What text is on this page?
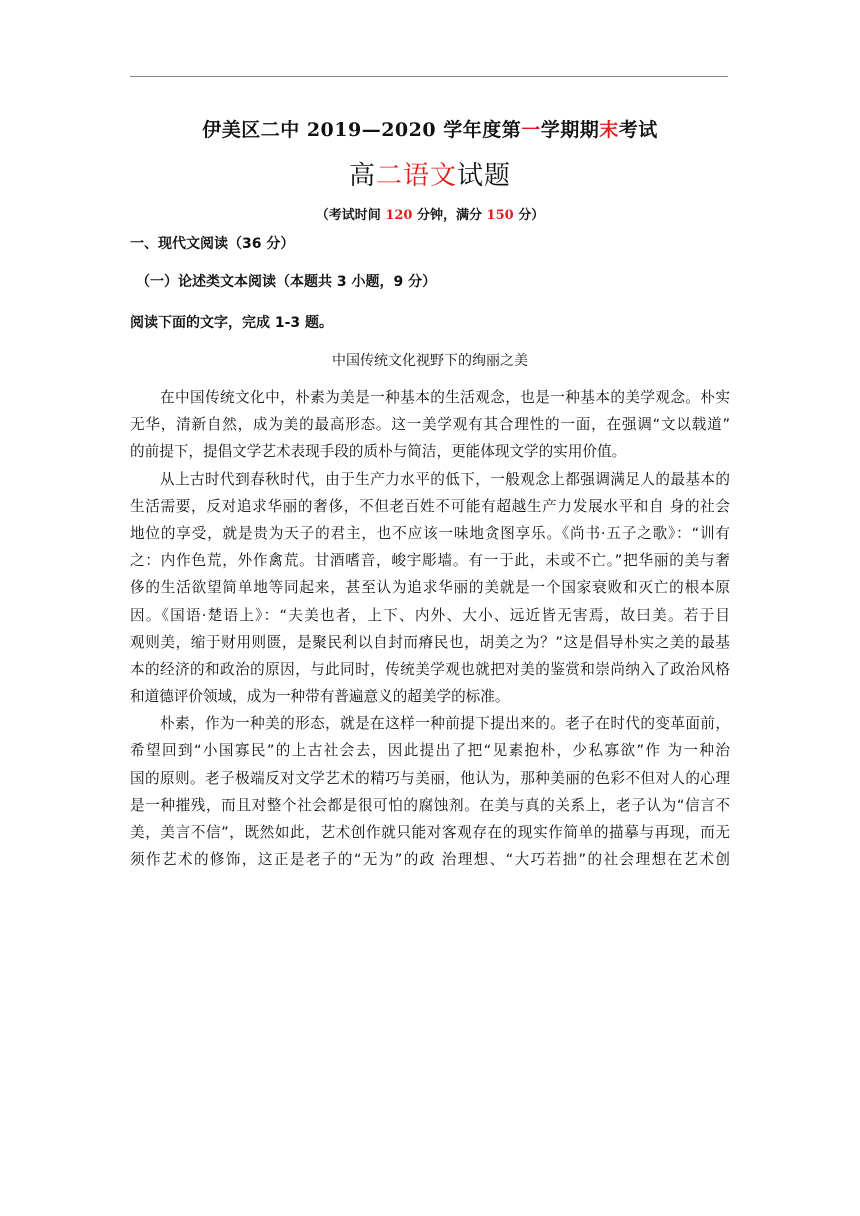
伊美区二中 2019—2020 学年度第一学期期末考试
高二语文试题
（考试时间 120 分钟，满分 150 分）
一、现代文阅读（36 分）
（一）论述类文本阅读（本题共 3 小题，9 分）
阅读下面的文字，完成 1-3 题。
中国传统文化视野下的绚丽之美
　　在中国传统文化中，朴素为美是一种基本的生活观念，也是一种基本的美学观念。朴实
无华，清新自然，成为美的最高形态。这一美学观有其合理性的一面，在强调“文以载道”
的前提下，提倡文学艺术表现手段的质朴与简洁，更能体现文学的实用价值。
　　从上古时代到春秋时代，由于生产力水平的低下，一般观念上都强调满足人的最基本的
生活需要，反对追求华丽的奢侈，不但老百姓不可能有超越生产力发展水平和自 身的社会
地位的享受，就是贵为天子的君主，也不应该一味地贪图享乐。《尚书·五子之歌》：“训有
之：内作色荒，外作禽荒。甘酒嗜音，峻宇彫墙。有一于此，未或不亡。”把华丽的美与奢
侈的生活欲望简单地等同起来，甚至认为追求华丽的美就是一个国家衰败和灭亡的根本原
因。《国语·楚语上》：“夫美也者，上下、内外、大小、远近皆无害焉，故曰美。若于目
观则美，缩于财用则匮，是聚民利以自封而瘠民也，胡美之为？”这是倡导朴实之美的最基
本的经济的和政治的原因，与此同时，传统美学观也就把对美的鉴赏和崇尚纳入了政治风格
和道德评价领域，成为一种带有普遍意义的超美学的标准。
　　朴素，作为一种美的形态，就是在这样一种前提下提出来的。老子在时代的变革面前，
希望回到“小国寡民”的上古社会去，因此提出了把“见素抱朴，少私寡欲”作 为一种治
国的原则。老子极端反对文学艺术的精巧与美丽，他认为，那种美丽的色彩不但对人的心理
是一种摧残，而且对整个社会都是很可怕的腐蚀剂。在美与真的关系上，老子认为“信言不
美，美言不信”，既然如此，艺术创作就只能对客观存在的现实作简单的描摹与再现，而无
须作艺术的修饰，这正是老子的“无为”的政 治理想、“大巧若拙”的社会理想在艺术创
